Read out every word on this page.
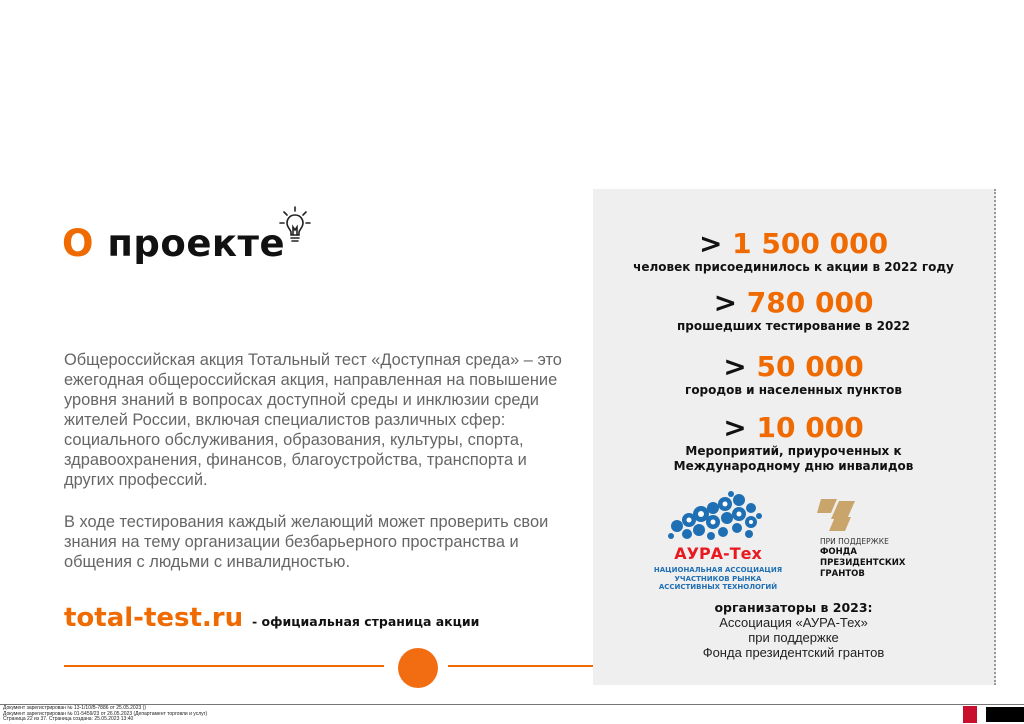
О проекте

Общероссийская акция Тотальный тест «Доступная среда» – это ежегодная общероссийская акция, направленная на повышение уровня знаний в вопросах доступной среды и инклюзии среди жителей России, включая специалистов различных сфер: социального обслуживания, образования, культуры, спорта, здравоохранения, финансов, благоустройства, транспорта и других профессий.

В ходе тестирования каждый желающий может проверить свои знания на тему организации безбарьерного пространства и общения с людьми с инвалидностью.

total-test.ru - официальная страница акции
> 1 500 000
человек присоединилось к акции в 2022 году
> 780 000
прошедших тестирование в 2022
> 50 000
городов и населенных пунктов
> 10 000
Мероприятий, приуроченных к Международному дню инвалидов
АУРА-Тех
НАЦИОНАЛЬНАЯ АССОЦИАЦИЯ УЧАСТНИКОВ РЫНКА АССИСТИВНЫХ ТЕХНОЛОГИЙ
ПРИ ПОДДЕРЖКЕ
ФОНДА ПРЕЗИДЕНТСКИХ ГРАНТОВ
организаторы в 2023:
Ассоциация «АУРА-Тех»
при поддержке
Фонда президентский грантов
Документ зарегистрирован № 13-1/10/В-7886 от 25.05.2023 ()
Документ зарегистрирован № 01-5459/23 от 26.05.2023 (Департамент торговли и услуг)
Страница 22 из 37. Страница создана: 25.05.2023 13:40
